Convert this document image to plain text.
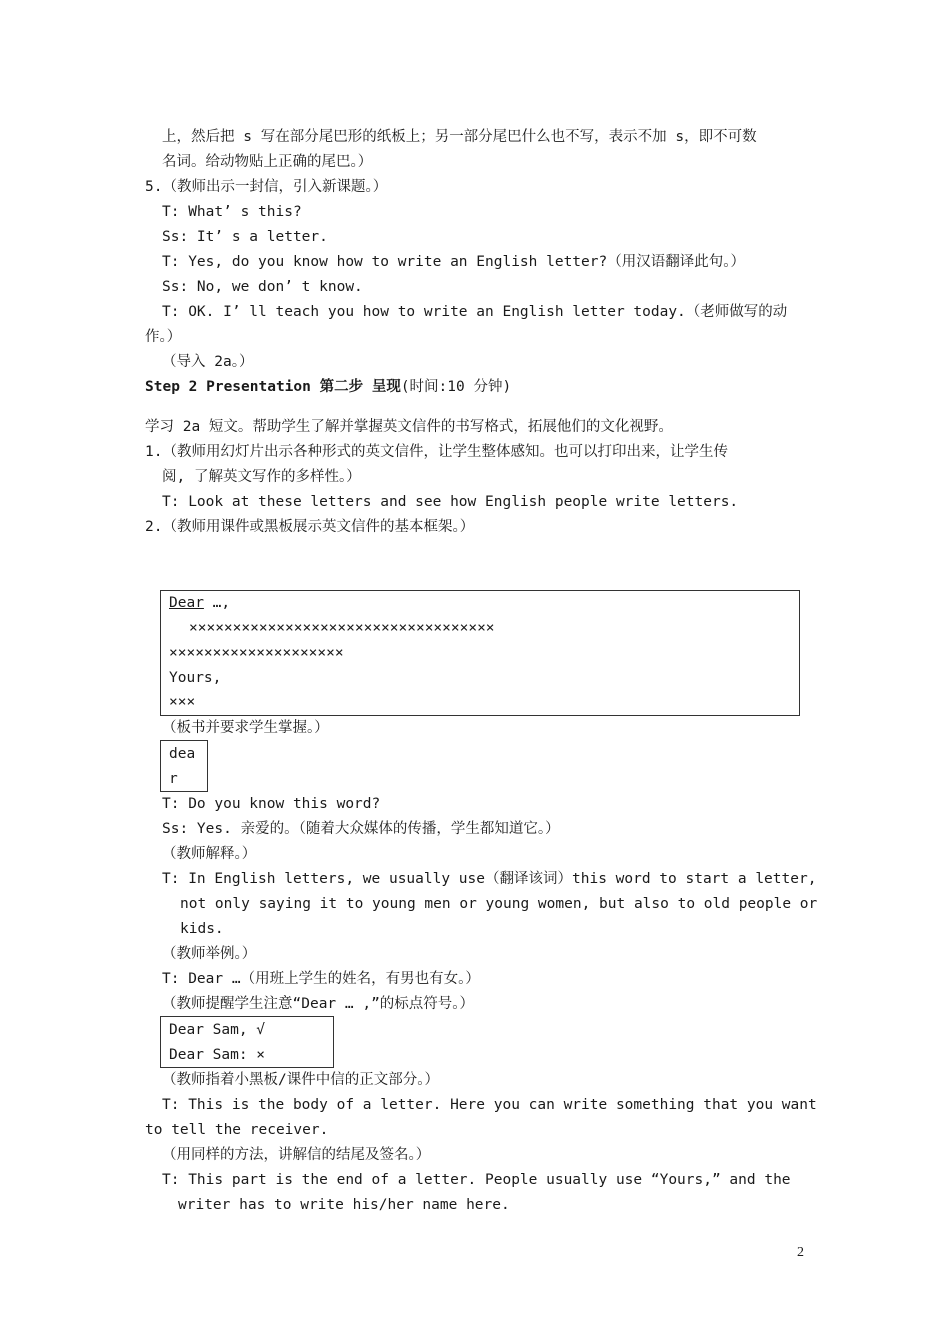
上，然后把 s 写在部分尾巴形的纸板上；另一部分尾巴什么也不写，表示不加 s，即不可数
名词。给动物贴上正确的尾巴。）
5.（教师出示一封信，引入新课题。）
T: What’ s this?
Ss: It’ s a letter.
T: Yes, do you know how to write an English letter?（用汉语翻译此句。）
Ss: No, we don’ t know.
T: OK. I’ ll teach you how to write an English letter today.（老师做写的动
作。）
（导入 2a。）
Step 2 Presentation 第二步 呈现(时间:10 分钟)
学习 2a 短文。帮助学生了解并掌握英文信件的书写格式，拓展他们的文化视野。
1.（教师用幻灯片出示各种形式的英文信件，让学生整体感知。也可以打印出来，让学生传
阅, 了解英文写作的多样性。）
T: Look at these letters and see how English people write letters.
2.（教师用课件或黑板展示英文信件的基本框架。）
Dear …,
×××××××××××××××××××××××××××××××××××
××××××××××××××××××××
Yours,
×××
（板书并要求学生掌握。）
dea
r
T: Do you know this word?
Ss: Yes. 亲爱的。（随着大众媒体的传播，学生都知道它。）
（教师解释。）
T: In English letters, we usually use（翻译该词）this word to start a letter,
not only saying it to young men or young women, but also to old people or
kids.
（教师举例。）
T: Dear …（用班上学生的姓名，有男也有女。）
（教师提醒学生注意“Dear … ,”的标点符号。）
Dear Sam, √
Dear Sam: ×
（教师指着小黑板/课件中信的正文部分。）
T: This is the body of a letter. Here you can write something that you want
to tell the receiver.
（用同样的方法，讲解信的结尾及签名。）
T: This part is the end of a letter. People usually use “Yours,” and the
writer has to write his/her name here.
2
